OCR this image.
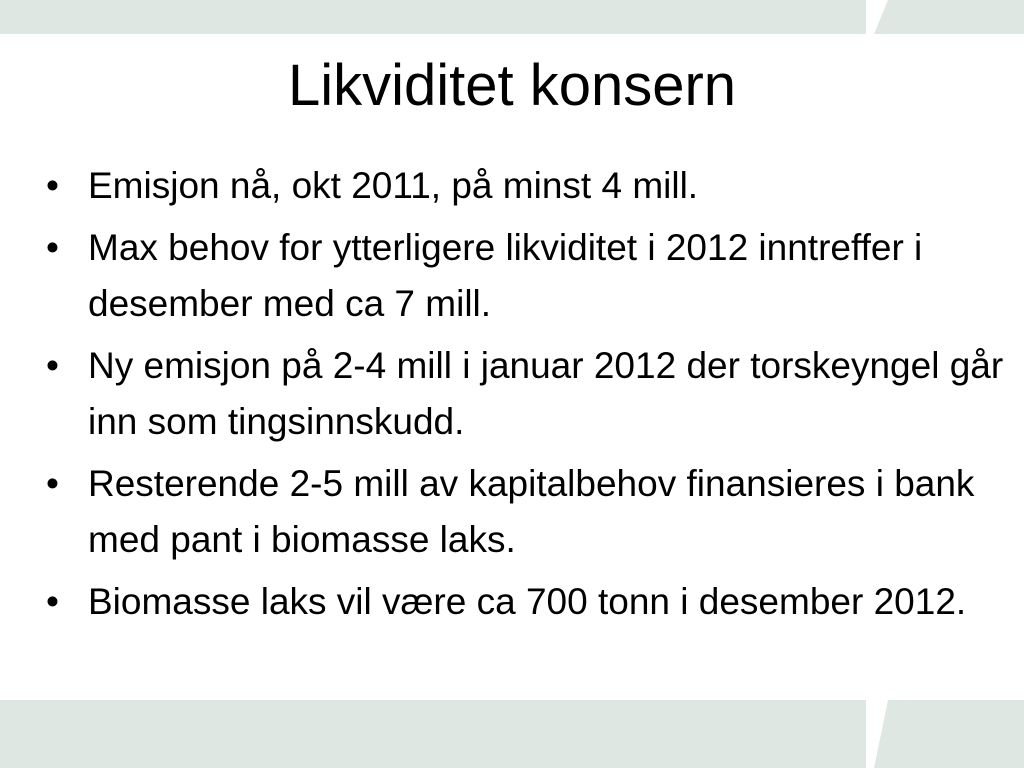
Likviditet konsern
• Emisjon nå, okt 2011, på minst 4 mill.
• Max behov for ytterligere likviditet i 2012 inntreffer i desember med ca 7 mill.
• Ny emisjon på 2-4 mill i januar 2012 der torskeyngel går inn som tingsinnskudd.
• Resterende 2-5 mill av kapitalbehov finansieres i bank med pant i biomasse laks.
• Biomasse laks vil være ca 700 tonn i desember 2012.
